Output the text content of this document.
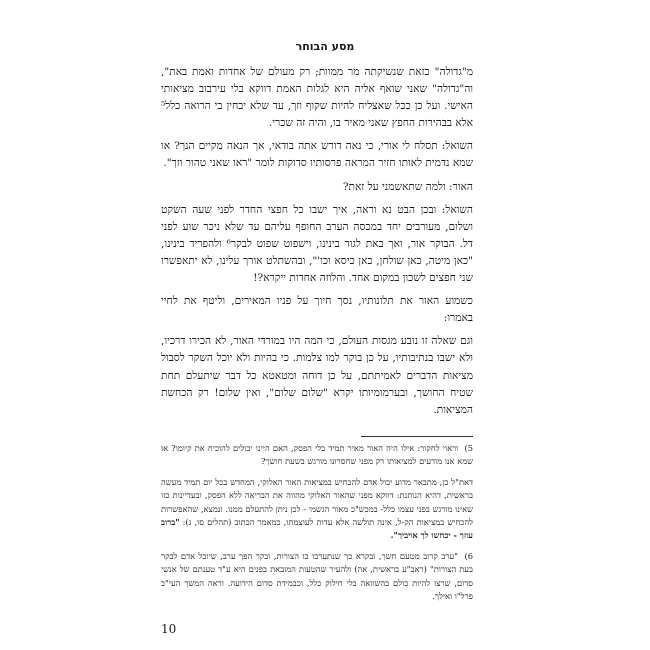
מסע הבוחר

מ"גדולה" כזאת שנשיקתה מר ממוות; רק מעולם של אחדות ואמת באת", וה"גדולה" שאני שואף אליה היא לגלות האמת דווקא בלי עירבוב מציאותי האישי. ועל כן ככל שאצליח להיות שקוף וזך, עד שלא יבחין בי הרואה כלל⁵ אלא בבהירות החפץ שאני מאיר בו, והיה זה שכרי.

השואל: תסלח לי אורי, כי נאה דורש אתה בודאי, אך הנאה מקיים הנך? או שמא נדמית לאותו חזיר המראה פרסותיו סדוקות לומר "ראו שאני טהור וזך".

האור: ולמה שתאשמני על זאת?

השואל: ובכן הבט נא וראה, איך ישבו כל חפצי החדר לפני שעה השקט ושלום, מעורבים יחד במכסה הערב החופף עליהם עד שלא ניכר שוע לפני דל. הבוקר אור, ואך באת לגור בינינו, וישפוט שפוט לבקר⁶ ולהפריד בינינו, "כאן מיטה, כאן שולחן, כאן כיסא וכו'", ובהשתלט אורך עלינו, לא יתאפשרו שני חפצים לשכון במקום אחד. והלוזה אחדות ייקרא?!

כשמוע האור את תלונותיו, נסך חיוך על פניו המאירים, וליטף את לחיי באמרו:

וגם שאלה זו נובע מגסות העולם, כי המה היו במורדי האור, לא הכירו דרכיו, ולא ישבו בנתיבותיו, על כן בוקר למו צלמות. כי בהיות ולא יוכל השקר לסבול מציאות הדברים לאמיתתם, על כן דוחה ומטאטא כל דבר שיתעלם תחת שטיח החושך, ובערמומיותו יקרא "שלום שלום", ואין שלום! רק הכחשת המציאות.

5) וראוי לחקור: אילו היה האור מאיר תמיד בלי הפסק, האם היינו יכולים להוכיח את קיומו? או שמא אנו מודעים למציאותו רק מפני שחסרונו מורגש בשעת חושך?

דאת"ל כן, מתבאר מדוע יכול אדם להכחיש במציאות האור האלוקי, המחדש בכל יום תמיד מעשה בראשית, דהיא הנותנת: דווקא מפני שהאור האלוקי מהווה את הבריאה ללא הפסק, ובעדיינות כזו שאינו מורגש בפני עצמו כלל- במכש"כ מאור הגשמי - לכן ניתן להתעלם ממנו. ונמצא, שהאפשרות להכחיש במציאות הק-ל, אינה תולשה אלא עדות לעוצמתו, כמאמר הכתוב (תהלים סו, ג): "ברוב עוזך - יכחשו לך אויביך".

6) "ערב קרוב מטעם חשך, ובקרא כך שנתערבו בו הצורות, ובקר הפך ערב, שיוכל אדם לבקר בעת הצורות" (ראב"ע בראשית, אה) ולהעיר שהטעות המובאת בפנים היא ע"ד טענתם של אנשי סדום, שרצו להיות כולם בהשוואה בלי חילוק כלל, וכבמידת סדום הידועה. וראה המשך העי"ב פרל"ו ואילך.

10
